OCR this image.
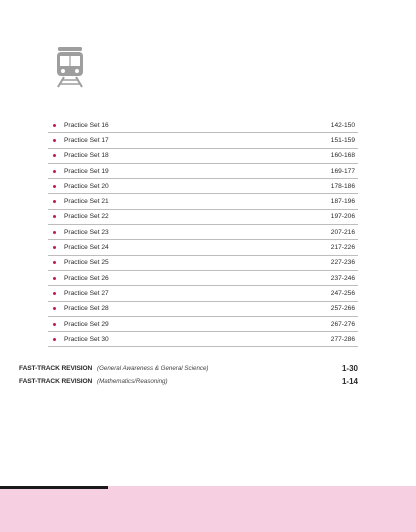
Practice Set 16	142-150
Practice Set 17	151-159
Practice Set 18	160-168
Practice Set 19	169-177
Practice Set 20	178-186
Practice Set 21	187-196
Practice Set 22	197-206
Practice Set 23	207-216
Practice Set 24	217-226
Practice Set 25	227-236
Practice Set 26	237-246
Practice Set 27	247-256
Practice Set 28	257-266
Practice Set 29	267-276
Practice Set 30	277-286
FAST-TRACK REVISION (General Awareness & General Science)	1-30
FAST-TRACK REVISION (Mathematics/Reasoning)	1-14
